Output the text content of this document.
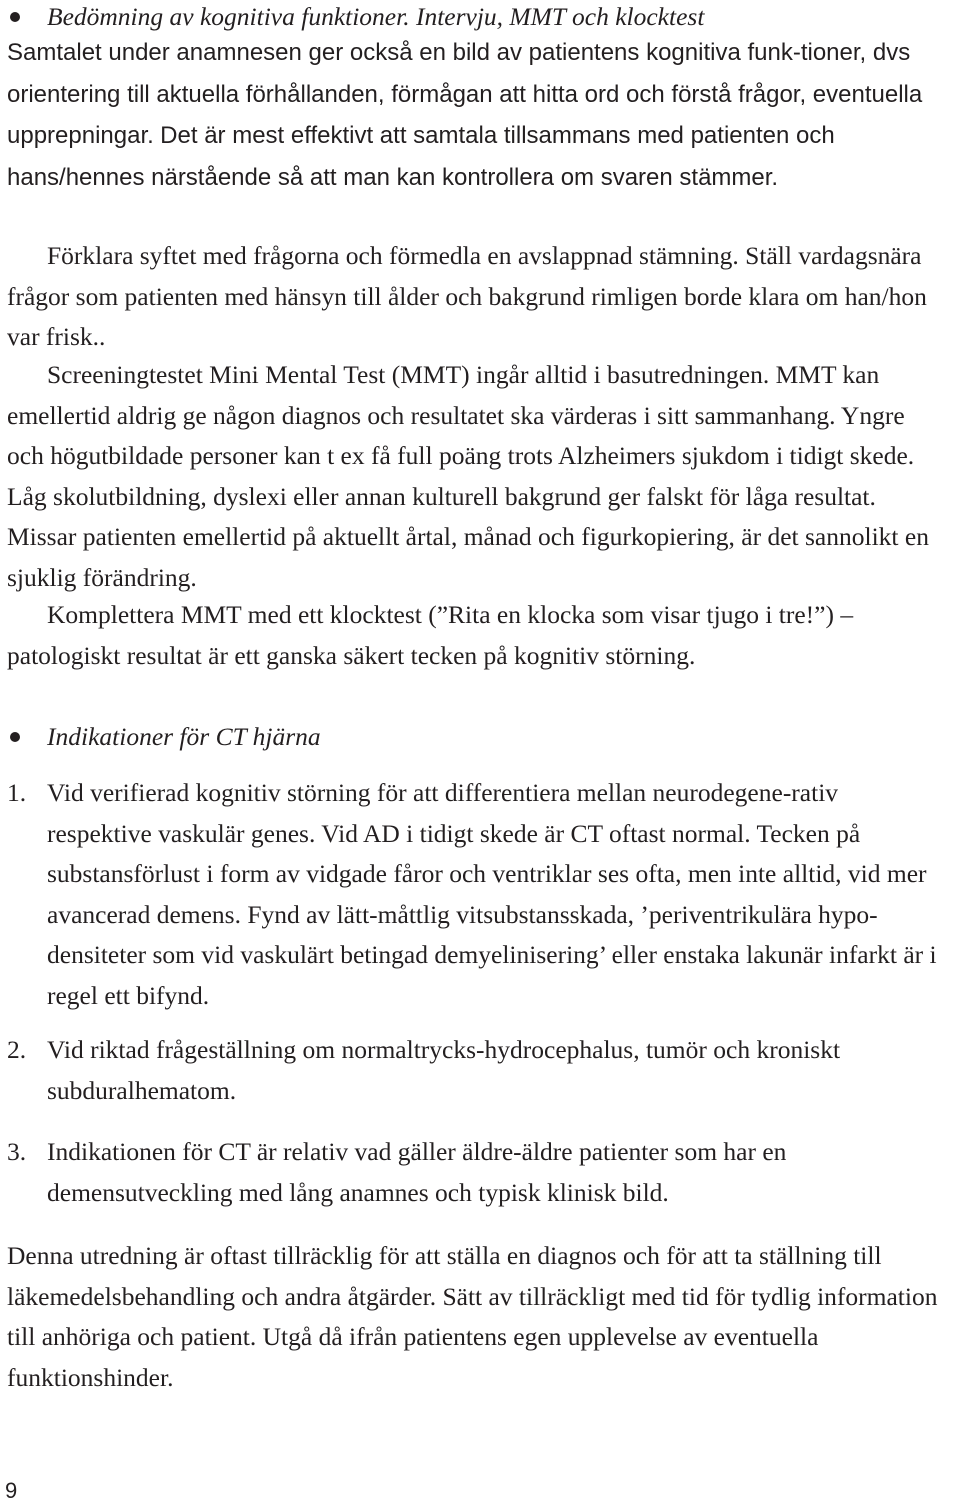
Bedömning av kognitiva funktioner. Intervju, MMT och klocktest

Samtalet under anamnesen ger också en bild av patientens kognitiva funk-tioner, dvs orientering till aktuella förhållanden, förmågan att hitta ord och förstå frågor, eventuella upprepningar. Det är mest effektivt att samtala tillsammans med patienten och hans/hennes närstående så att man kan kontrollera om svaren stämmer.

Förklara syftet med frågorna och förmedla en avslappnad stämning. Ställ vardagsnära frågor som patienten med hänsyn till ålder och bakgrund rimligen borde klara om han/hon var frisk..

Screeningtestet Mini Mental Test (MMT) ingår alltid i basutredningen. MMT kan emellertid aldrig ge någon diagnos och resultatet ska värderas i sitt sammanhang. Yngre och högutbildade personer kan t ex få full poäng trots Alzheimers sjukdom i tidigt skede. Låg skolutbildning, dyslexi eller annan kulturell bakgrund ger falskt för låga resultat. Missar patienten emellertid på aktuellt årtal, månad och figurkopiering, är det sannolikt en sjuklig förändring.

Komplettera MMT med ett klocktest (”Rita en klocka som visar tjugo i tre!”) – patologiskt resultat är ett ganska säkert tecken på kognitiv störning.

Indikationer för CT hjärna
1. Vid verifierad kognitiv störning för att differentiera mellan neurodegene-rativ respektive vaskulär genes. Vid AD i tidigt skede är CT oftast normal. Tecken på substansförlust i form av vidgade fåror och ventriklar ses ofta, men inte alltid, vid mer avancerad demens. Fynd av lätt-måttlig vitsubstansskada, ’periventrikulära hypo-densiteter som vid vaskulärt betingad demyelinisering’ eller enstaka lakunär infarkt är i regel ett bifynd.
2. Vid riktad frågeställning om normaltrycks-hydrocephalus, tumör och kroniskt subduralhematom.
3. Indikationen för CT är relativ vad gäller äldre-äldre patienter som har en demensutveckling med lång anamnes och typisk klinisk bild.

Denna utredning är oftast tillräcklig för att ställa en diagnos och för att ta ställning till läkemedelsbehandling och andra åtgärder. Sätt av tillräckligt med tid för tydlig information till anhöriga och patient. Utgå då ifrån patientens egen upplevelse av eventuella funktionshinder.

9
